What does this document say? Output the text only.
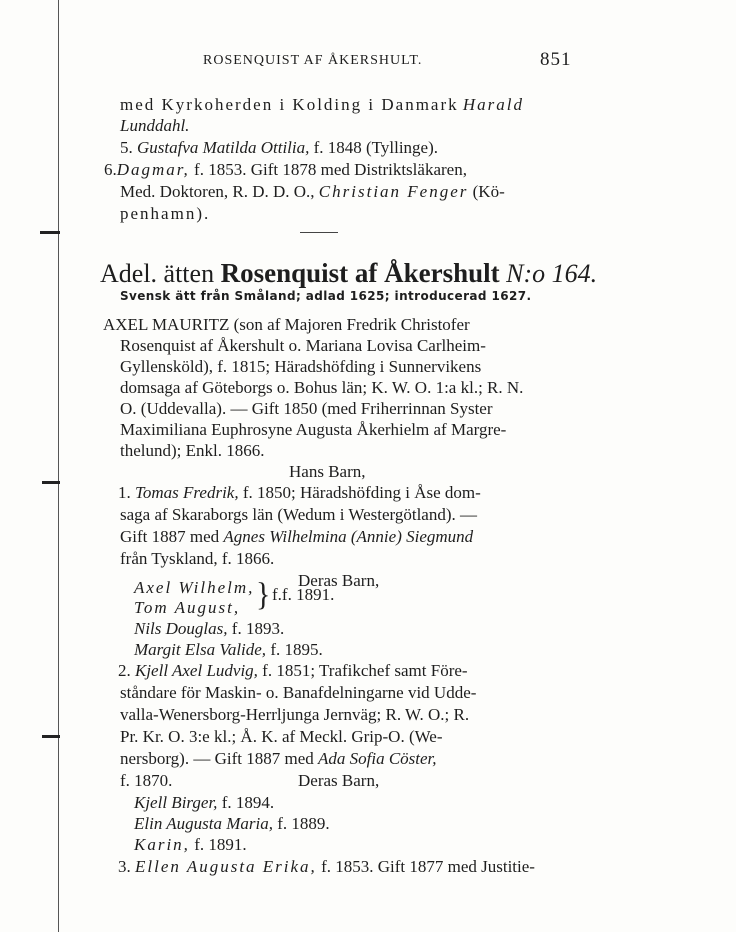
ROSENQUIST AF ÅKERSHULT.	851
med Kyrkoherden i Kolding i Danmark Harald
Lunddahl.
5. Gustafva Matilda Ottilia, f. 1848 (Tyllinge).
6.Dagmar, f. 1853. Gift 1878 med Distriktsläkaren,
Med. Doktoren, R. D. D. O., Christian Fenger (Kö-
penhamn).
Adel. ätten Rosenquist af Åkershult N:o 164.
Svensk ätt från Småland; adlad 1625; introducerad 1627.
AXEL MAURITZ (son af Majoren Fredrik Christofer
Rosenquist af Åkershult o. Mariana Lovisa Carlheim-
Gyllensköld), f. 1815; Häradshöfding i Sunnervikens
domsaga af Göteborgs o. Bohus län; K. W. O. 1:a kl.; R. N.
O. (Uddevalla). — Gift 1850 (med Friherrinnan Syster
Maximiliana Euphrosyne Augusta Åkerhielm af Margre-
thelund); Enkl. 1866.
Hans Barn,
1. Tomas Fredrik, f. 1850; Häradshöfding i Åse dom-
saga af Skaraborgs län (Wedum i Westergötland). —
Gift 1887 med Agnes Wilhelmina (Annie) Siegmund
från Tyskland, f. 1866.
Deras Barn,
Axel Wilhelm,
Tom August, } f.f. 1891.
Nils Douglas, f. 1893.
Margit Elsa Valide, f. 1895.
2. Kjell Axel Ludvig, f. 1851; Trafikchef samt Före-
ståndare för Maskin- o. Banafdelningarne vid Udde-
valla-Wenersborg-Herrljunga Jernväg; R. W. O.; R.
Pr. Kr. O. 3:e kl.; Å. K. af Meckl. Grip-O. (We-
nersborg). — Gift 1887 med Ada Sofia Cöster,
f. 1870.	Deras Barn,
Kjell Birger, f. 1894.
Elin Augusta Maria, f. 1889.
Karin, f. 1891.
3. Ellen Augusta Erika, f. 1853. Gift 1877 med Justitie-
